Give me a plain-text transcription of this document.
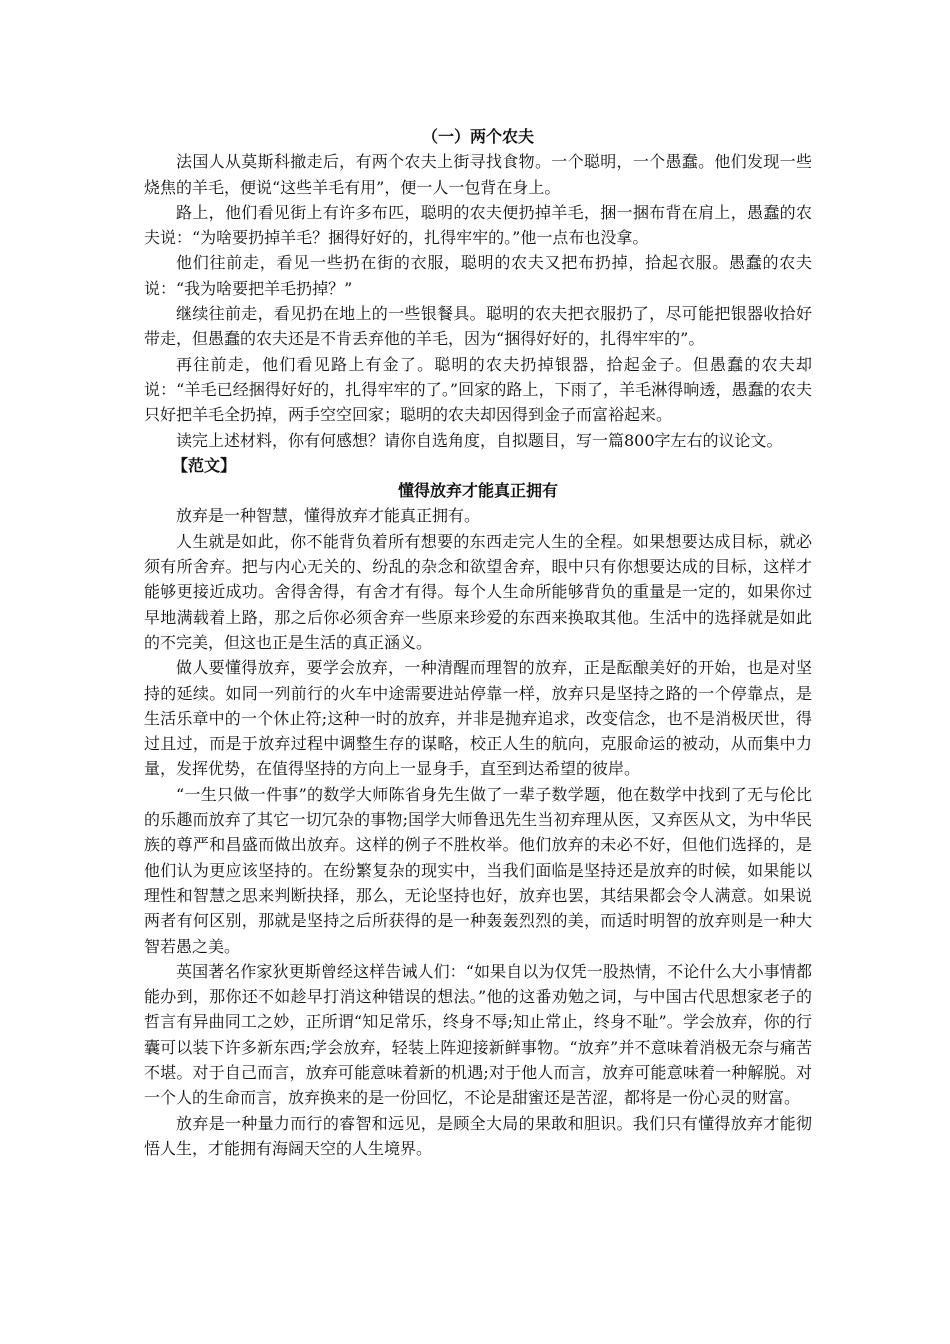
（一）两个农夫

法国人从莫斯科撤走后，有两个农夫上街寻找食物。一个聪明，一个愚蠢。他们发现一些烧焦的羊毛，便说“这些羊毛有用”，便一人一包背在身上。

路上，他们看见街上有许多布匹，聪明的农夫便扔掉羊毛，捆一捆布背在肩上，愚蠢的农夫说：“为啥要扔掉羊毛？捆得好好的，扎得牢牢的。”他一点布也没拿。

他们往前走，看见一些扔在街的衣服，聪明的农夫又把布扔掉，拾起衣服。愚蠢的农夫说：“我为啥要把羊毛扔掉？”

继续往前走，看见扔在地上的一些银餐具。聪明的农夫把衣服扔了，尽可能把银器收拾好带走，但愚蠢的农夫还是不肯丢弃他的羊毛，因为“捆得好好的，扎得牢牢的”。

再往前走，他们看见路上有金了。聪明的农夫扔掉银器，拾起金子。但愚蠢的农夫却说：“羊毛已经捆得好好的，扎得牢牢的了。”回家的路上，下雨了，羊毛淋得晌透，愚蠢的农夫只好把羊毛全扔掉，两手空空回家；聪明的农夫却因得到金子而富裕起来。

读完上述材料，你有何感想？请你自选角度，自拟题目，写一篇800字左右的议论文。

【范文】

懂得放弃才能真正拥有

放弃是一种智慧，懂得放弃才能真正拥有。

人生就是如此，你不能背负着所有想要的东西走完人生的全程。如果想要达成目标，就必须有所舍弃。把与内心无关的、纷乱的杂念和欲望舍弃，眼中只有你想要达成的目标，这样才能够更接近成功。舍得舍得，有舍才有得。每个人生命所能够背负的重量是一定的，如果你过早地满载着上路，那之后你必须舍弃一些原来珍爱的东西来换取其他。生活中的选择就是如此的不完美，但这也正是生活的真正涵义。

做人要懂得放弃，要学会放弃，一种清醒而理智的放弃，正是酝酿美好的开始，也是对坚持的延续。如同一列前行的火车中途需要进站停靠一样，放弃只是坚持之路的一个停靠点，是生活乐章中的一个休止符;这种一时的放弃，并非是抛弃追求，改变信念，也不是消极厌世，得过且过，而是于放弃过程中调整生存的谋略，校正人生的航向，克服命运的被动，从而集中力量，发挥优势，在值得坚持的方向上一显身手，直至到达希望的彼岸。

“一生只做一件事”的数学大师陈省身先生做了一辈子数学题，他在数学中找到了无与伦比的乐趣而放弃了其它一切冗杂的事物;国学大师鲁迅先生当初弃理从医，又弃医从文，为中华民族的尊严和昌盛而做出放弃。这样的例子不胜枚举。他们放弃的未必不好，但他们选择的，是他们认为更应该坚持的。在纷繁复杂的现实中，当我们面临是坚持还是放弃的时候，如果能以理性和智慧之思来判断抉择，那么，无论坚持也好，放弃也罢，其结果都会令人满意。如果说两者有何区别，那就是坚持之后所获得的是一种轰轰烈烈的美，而适时明智的放弃则是一种大智若愚之美。

英国著名作家狄更斯曾经这样告诫人们：“如果自以为仅凭一股热情，不论什么大小事情都能办到，那你还不如趁早打消这种错误的想法。”他的这番劝勉之词，与中国古代思想家老子的哲言有异曲同工之妙，正所谓“知足常乐，终身不辱;知止常止，终身不耻”。学会放弃，你的行囊可以装下许多新东西;学会放弃，轻装上阵迎接新鲜事物。“放弃”并不意味着消极无奈与痛苦不堪。对于自己而言，放弃可能意味着新的机遇;对于他人而言，放弃可能意味着一种解脱。对一个人的生命而言，放弃换来的是一份回忆，不论是甜蜜还是苦涩，都将是一份心灵的财富。

放弃是一种量力而行的睿智和远见，是顾全大局的果敢和胆识。我们只有懂得放弃才能彻悟人生，才能拥有海阔天空的人生境界。
